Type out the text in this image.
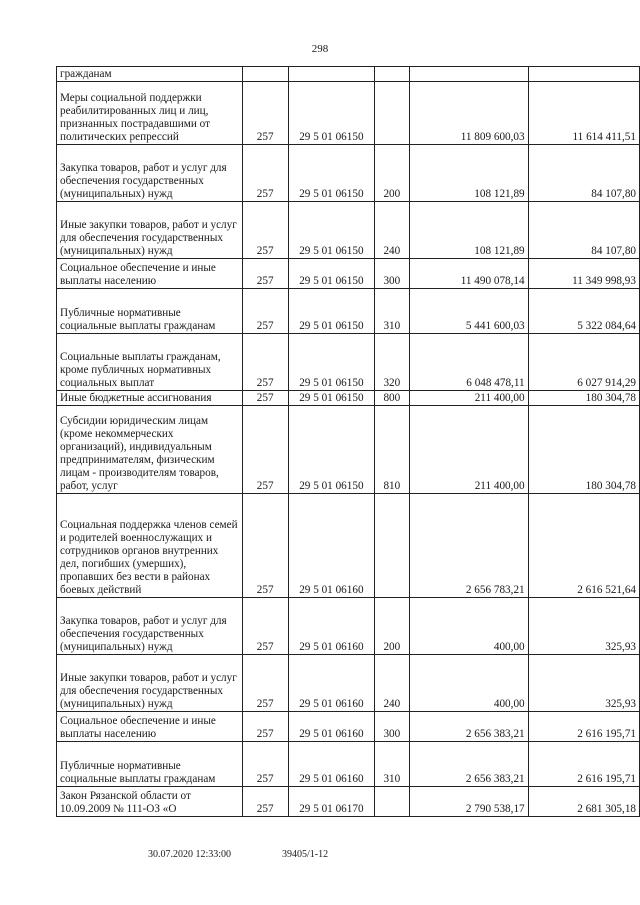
298
гражданам					
Меры социальной поддержки реабилитированных лиц и лиц, признанных пострадавшими от политических репрессий	257	29 5 01 06150		11 809 600,03	11 614 411,51
Закупка товаров, работ и услуг для обеспечения государственных (муниципальных) нужд	257	29 5 01 06150	200	108 121,89	84 107,80
Иные закупки товаров, работ и услуг для обеспечения государственных (муниципальных) нужд	257	29 5 01 06150	240	108 121,89	84 107,80
Социальное обеспечение и иные выплаты населению	257	29 5 01 06150	300	11 490 078,14	11 349 998,93
Публичные нормативные социальные выплаты гражданам	257	29 5 01 06150	310	5 441 600,03	5 322 084,64
Социальные выплаты гражданам, кроме публичных нормативных социальных выплат	257	29 5 01 06150	320	6 048 478,11	6 027 914,29
Иные бюджетные ассигнования	257	29 5 01 06150	800	211 400,00	180 304,78
Субсидии юридическим лицам (кроме некоммерческих организаций), индивидуальным предпринимателям, физическим лицам - производителям товаров, работ, услуг	257	29 5 01 06150	810	211 400,00	180 304,78
Социальная поддержка членов семей и родителей военнослужащих и сотрудников органов внутренних дел, погибших (умерших), пропавших без вести в районах боевых действий	257	29 5 01 06160		2 656 783,21	2 616 521,64
Закупка товаров, работ и услуг для обеспечения государственных (муниципальных) нужд	257	29 5 01 06160	200	400,00	325,93
Иные закупки товаров, работ и услуг для обеспечения государственных (муниципальных) нужд	257	29 5 01 06160	240	400,00	325,93
Социальное обеспечение и иные выплаты населению	257	29 5 01 06160	300	2 656 383,21	2 616 195,71
Публичные нормативные социальные выплаты гражданам	257	29 5 01 06160	310	2 656 383,21	2 616 195,71
Закон Рязанской области от 10.09.2009 № 111-ОЗ «О	257	29 5 01 06170		2 790 538,17	2 681 305,18
30.07.2020 12:33:00	39405/1-12
